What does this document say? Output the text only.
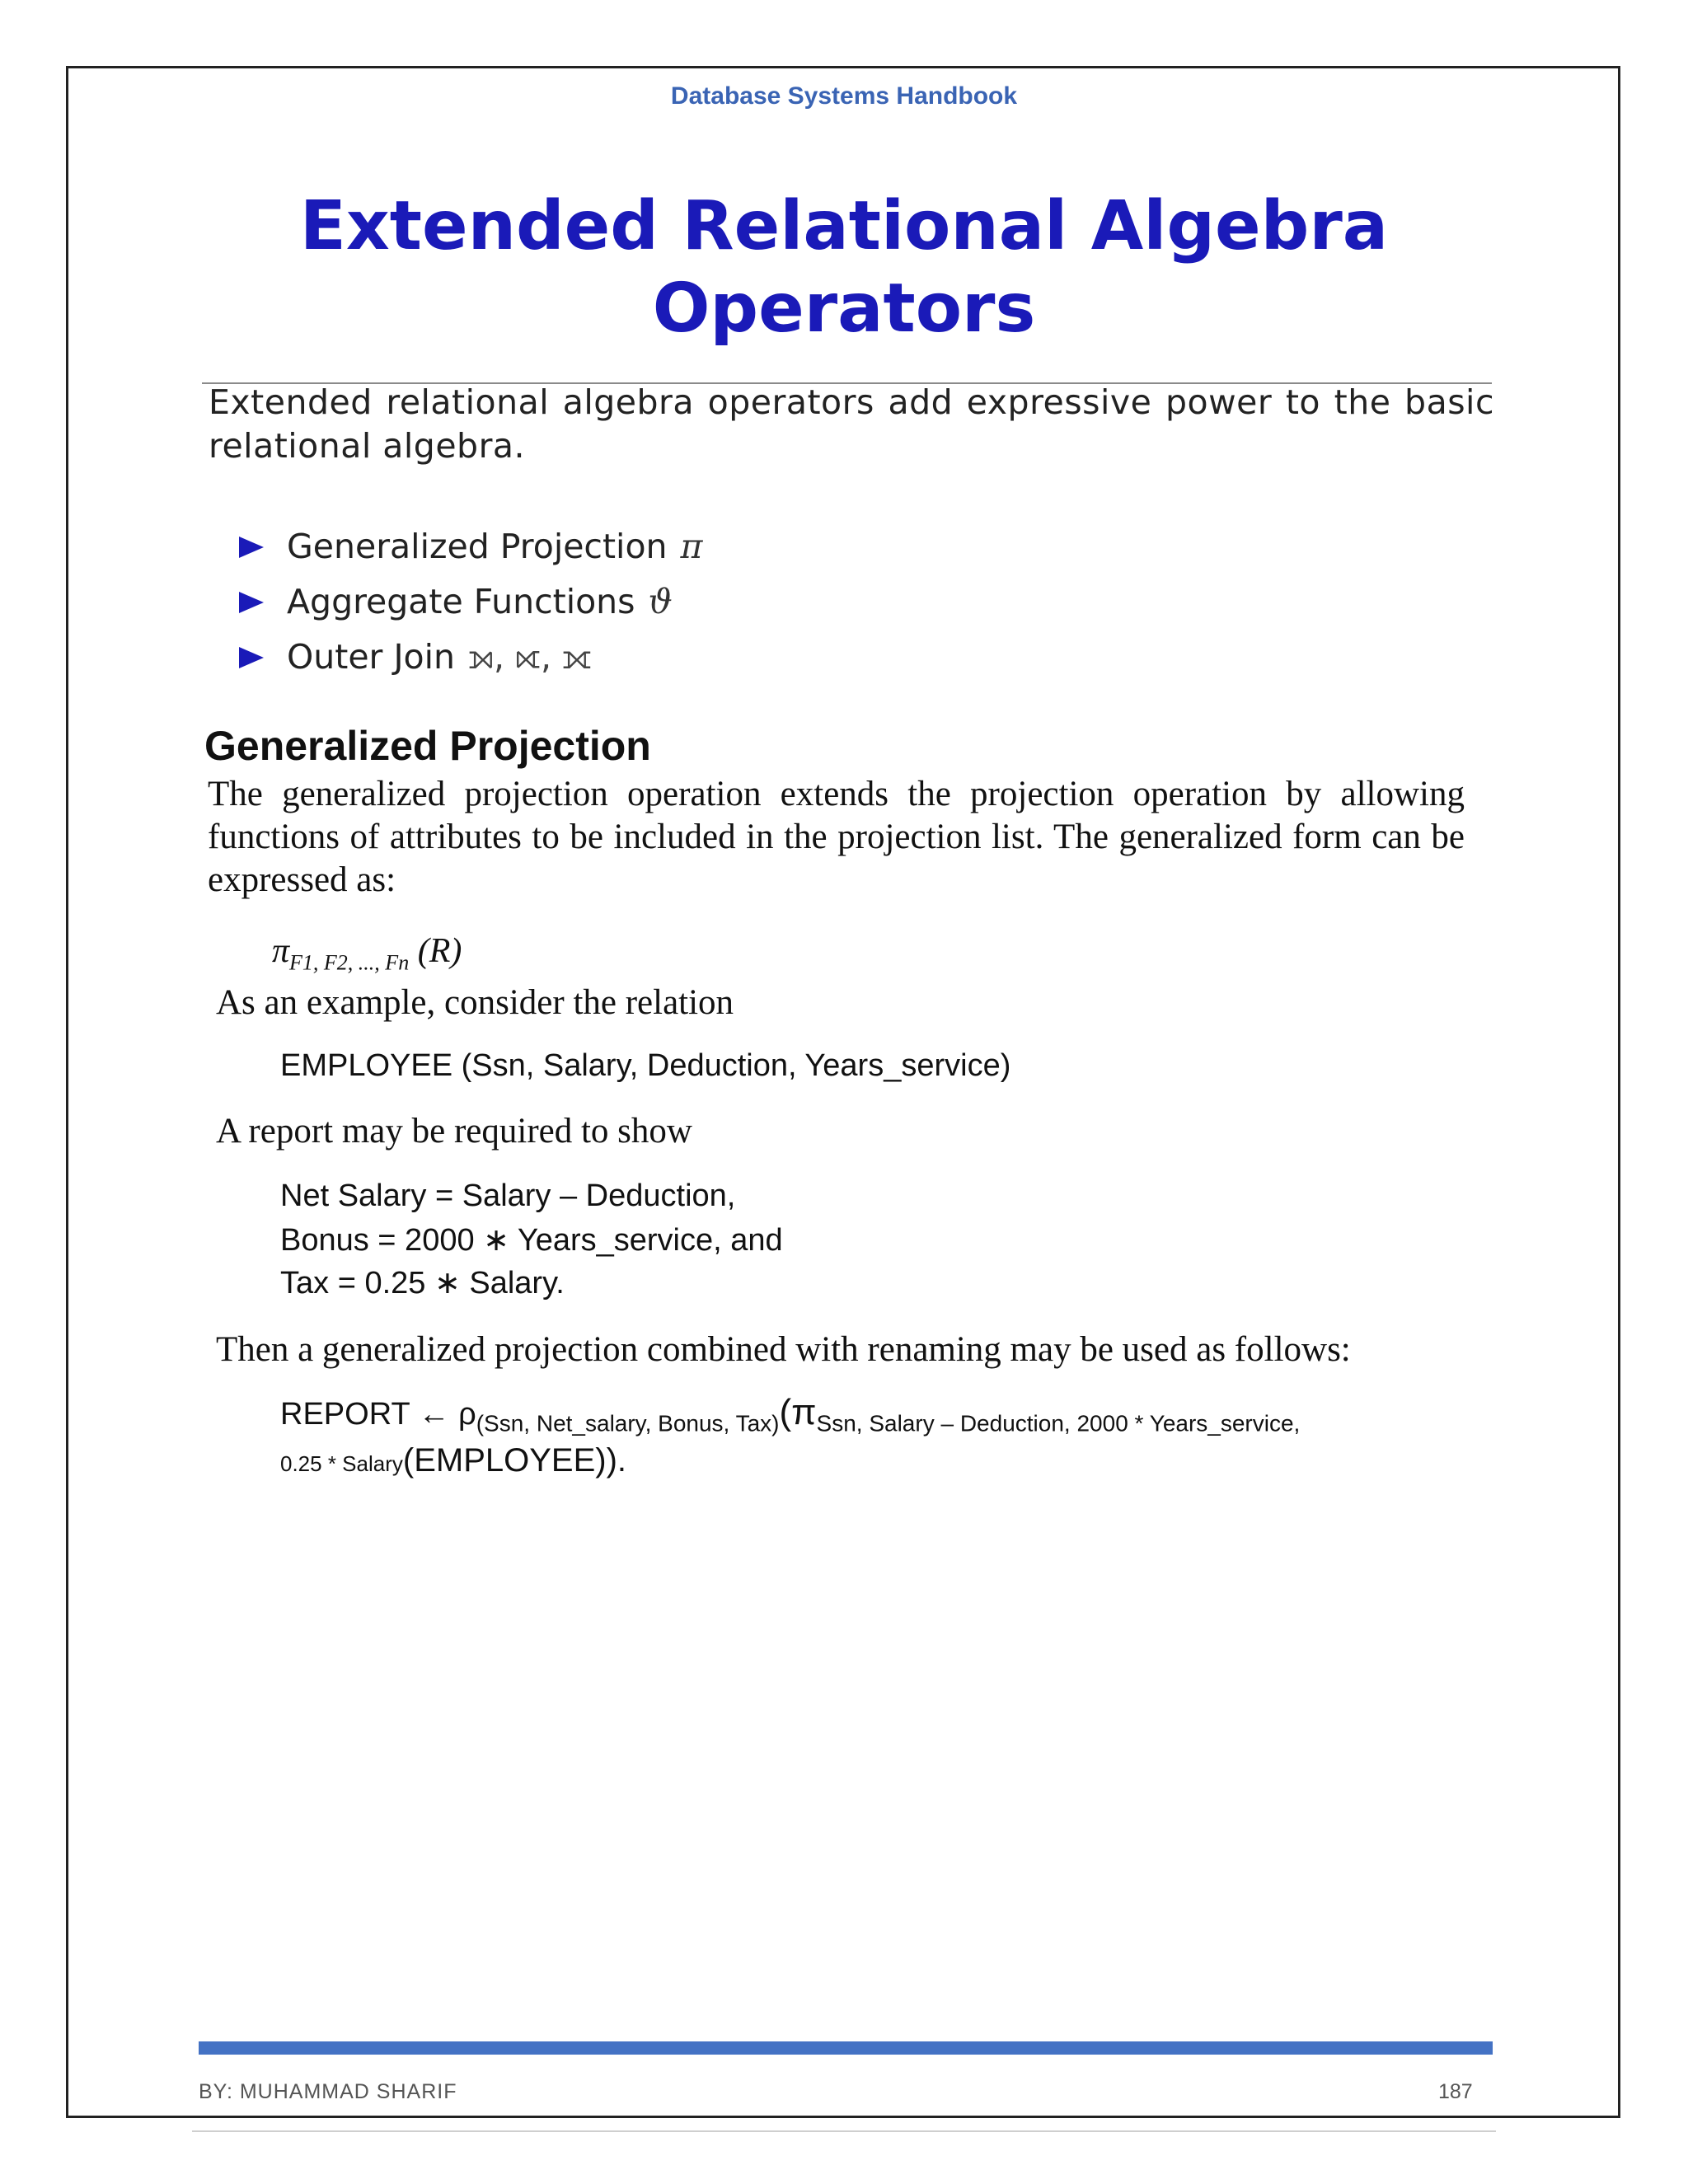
Database Systems Handbook
Extended Relational Algebra
Operators
Extended relational algebra operators add expressive power to the basic relational algebra.
Generalized Projection π
Aggregate Functions ϑ
Outer Join ⟕, ⟖, ⟗
Generalized Projection
The generalized projection operation extends the projection operation by allowing functions of attributes to be included in the projection list. The generalized form can be expressed as:
$\pi_{F1, F2, ..., Fn}$ (R)
As an example, consider the relation
EMPLOYEE (Ssn, Salary, Deduction, Years_service)
A report may be required to show
Net Salary = Salary – Deduction,
Bonus = 2000 ∗ Years_service, and
Tax = 0.25 ∗ Salary.
Then a generalized projection combined with renaming may be used as follows:
REPORT ← $\rho_{(Ssn, Net\_salary, Bonus, Tax)}(\pi_{Ssn, Salary - Deduction, 2000 * Years\_service,}$
0.25 * Salary(EMPLOYEE)).
BY: MUHAMMAD SHARIF	187
